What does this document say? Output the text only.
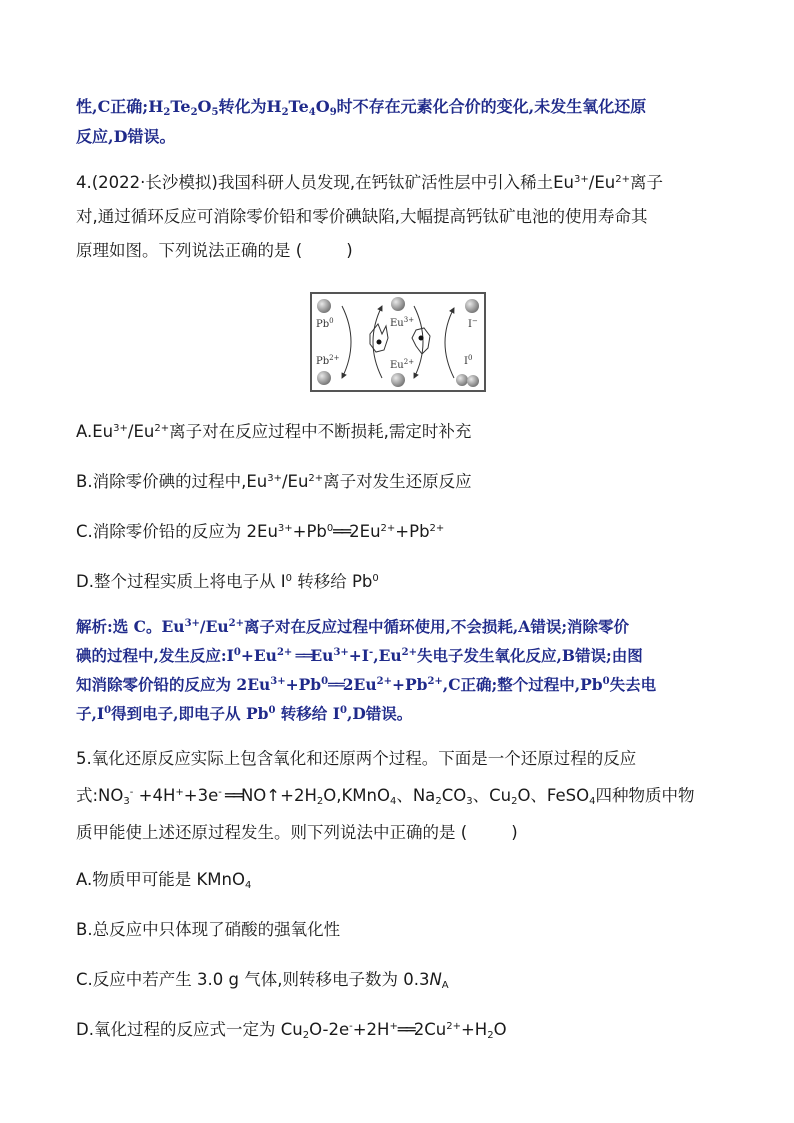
性,C正确$;H_2Te_2O_5$转化为$H_2Te_4O_9$时不存在元素化合价的变化,未发生氧化还原
反应,D错误。
4.(2022·长沙模拟)我国科研人员发现,在钙钛矿活性层中引入稀土$Eu^{3+}/Eu^{2+}$离子
对,通过循环反应可消除零价铅和零价碘缺陷,大幅提高钙钛矿电池的使用寿命其
原理如图。下列说法正确的是 (	)
Pb$^0$
$Pb^{2+}$
$Eu^{3+}$
$Eu^{2+}$
I−
$I^0$
$A.Eu^{3+}/Eu^{2+}$离子对在反应过程中不断损耗,需定时补充
B.消除零价碘的过程中$,Eu^{3+}/Eu^{2+}$离子对发生还原反应
C.消除零价铅的反应为 $2Eu^{3+}+Pb^0══2Eu^{2+}+Pb^{2+}$
D.整个过程实质上将电子从 $I^0$ 转移给 Pb$^0$
解析:选 C。$Eu^{3+}/Eu^{2+}$离子对在反应过程中循环使用,不会损耗,A错误;消除零价
碘的过程中,发生反应$:I^0+Eu^{2+}$ $══Eu^{3+}+I^-,Eu^{2+}$失电子发生氧化反应,B错误;由图
知消除零价铅的反应为 $2Eu^{3+}+Pb^0══2Eu^{2+}+Pb^{2+},C$正确;整个过程中,Pb$^0$失去电
子$,I^0$得到电子,即电子从 Pb$^0$ 转移给 $I^0,D$错误。
5.氧化还原反应实际上包含氧化和还原两个过程。下面是一个还原过程的反应
式$:NO_3^- +4H^++3e^-$ $══NO↑+2H_2O,KMnO_4$、$Na_2CO_3$、$Cu_2O$、FeSO$_4$四种物质中物
质甲能使上述还原过程发生。则下列说法中正确的是 (	)
A.物质甲可能是 KMnO$_4$
B.总反应中只体现了硝酸的强氧化性
C.反应中若产生 3.0 g 气体,则转移电子数为 $0.3N_A$
D.氧化过程的反应式一定为 $Cu_2O-2e^-+2H^+══2Cu^{2+}+H_2O$
